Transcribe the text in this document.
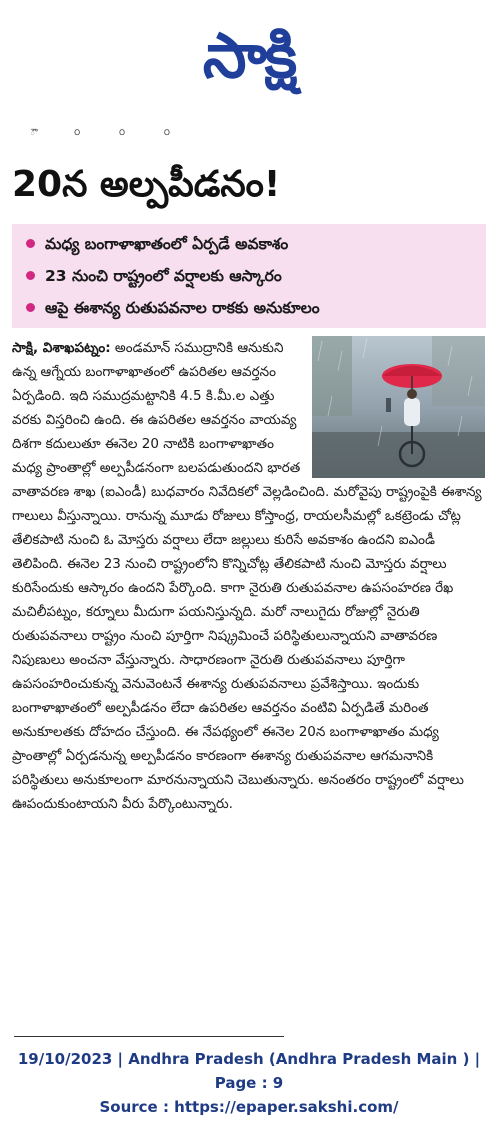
సాక్షి
ౌ ౦ ౦ ౦
20న అల్పపీడనం!
మధ్య బంగాళాఖాతంలో ఏర్పడే అవకాశం
23 నుంచి రాష్ట్రంలో వర్షాలకు ఆస్కారం
ఆపై ఈశాన్య రుతుపవనాల రాకకు అనుకూలం
సాక్షి, విశాఖపట్నం: అండమాన్ సముద్రానికి ఆనుకుని ఉన్న ఆగ్నేయ బంగాళాఖాతంలో ఉపరితల ఆవర్తనం ఏర్పడింది. ఇది సముద్రమట్టానికి 4.5 కి.మీ.ల ఎత్తు వరకు విస్తరించి ఉంది. ఈ ఉపరితల ఆవర్తనం వాయవ్య దిశగా కదులుతూ ఈనెల 20 నాటికి బంగాళాఖాతం మధ్య ప్రాంతాల్లో అల్పపీడనంగా బలపడుతుందని భారత వాతావరణ శాఖ (ఐఎండీ) బుధవారం నివేదికలో వెల్లడించింది. మరోవైపు రాష్ట్రంపైకి ఈశాన్య గాలులు వీస్తున్నాయి. రానున్న మూడు రోజులు కోస్తాంధ్ర, రాయలసీమల్లో ఒకట్రెండు చోట్ల తేలికపాటి నుంచి ఓ మోస్తరు వర్షాలు లేదా జల్లులు కురిసే అవకాశం ఉందని ఐఎండీ తెలిపింది. ఈనెల 23 నుంచి రాష్ట్రంలోని కొన్నిచోట్ల తేలికపాటి నుంచి మోస్తరు వర్షాలు కురిసేందుకు ఆస్కారం ఉందని పేర్కొంది. కాగా నైరుతి రుతుపవనాల ఉపసంహరణ రేఖ మచిలీపట్నం, కర్నూలు మీదుగా పయనిస్తున్నది. మరో నాలుగైదు రోజుల్లో నైరుతి రుతుపవనాలు రాష్ట్రం నుంచి పూర్తిగా నిష్క్రమించే పరిస్థితులున్నాయని వాతావరణ నిపుణులు అంచనా వేస్తున్నారు. సాధారణంగా నైరుతి రుతుపవనాలు పూర్తిగా ఉపసంహరించుకున్న వెనువెంటనే ఈశాన్య రుతుపవనాలు ప్రవేశిస్తాయి. ఇందుకు బంగాళాఖాతంలో అల్పపీడనం లేదా ఉపరితల ఆవర్తనం వంటివి ఏర్పడితే మరింత అనుకూలతకు దోహదం చేస్తుంది. ఈ నేపథ్యంలో ఈనెల 20న బంగాళాఖాతం మధ్య ప్రాంతాల్లో ఏర్పడనున్న అల్పపీడనం కారణంగా ఈశాన్య రుతుపవనాల ఆగమనానికి పరిస్థితులు అనుకూలంగా మారనున్నాయని చెబుతున్నారు. అనంతరం రాష్ట్రంలో వర్షాలు ఊపందుకుంటాయని వీరు పేర్కొంటున్నారు.
19/10/2023 | Andhra Pradesh (Andhra Pradesh Main ) |
Page : 9
Source : https://epaper.sakshi.com/
